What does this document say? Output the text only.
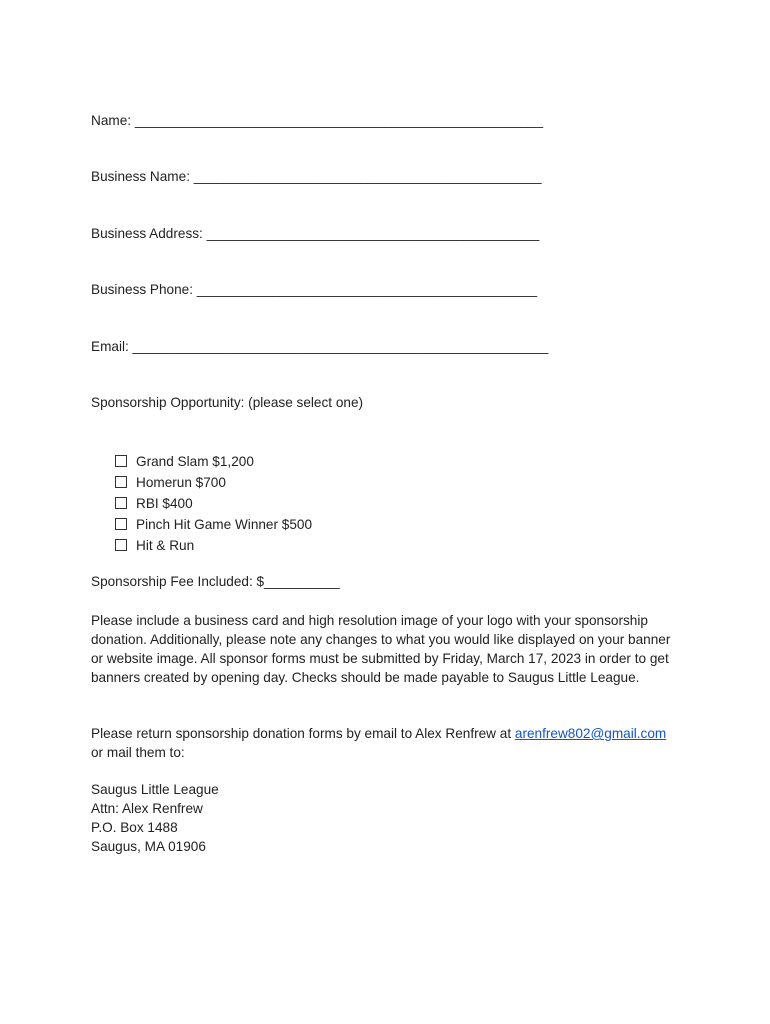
Name: ______________________________________________________
Business Name: ______________________________________________
Business Address: ____________________________________________
Business Phone: _____________________________________________
Email: _______________________________________________________
Sponsorship Opportunity: (please select one)
Grand Slam $1,200
Homerun $700
RBI $400
Pinch Hit Game Winner $500
Hit & Run
Sponsorship Fee Included: $__________
Please include a business card and high resolution image of your logo with your sponsorship donation. Additionally, please note any changes to what you would like displayed on your banner or website image. All sponsor forms must be submitted by Friday, March 17, 2023 in order to get banners created by opening day. Checks should be made payable to Saugus Little League.
Please return sponsorship donation forms by email to Alex Renfrew at arenfrew802@gmail.com
or mail them to:
Saugus Little League
Attn: Alex Renfrew
P.O. Box 1488
Saugus, MA 01906
